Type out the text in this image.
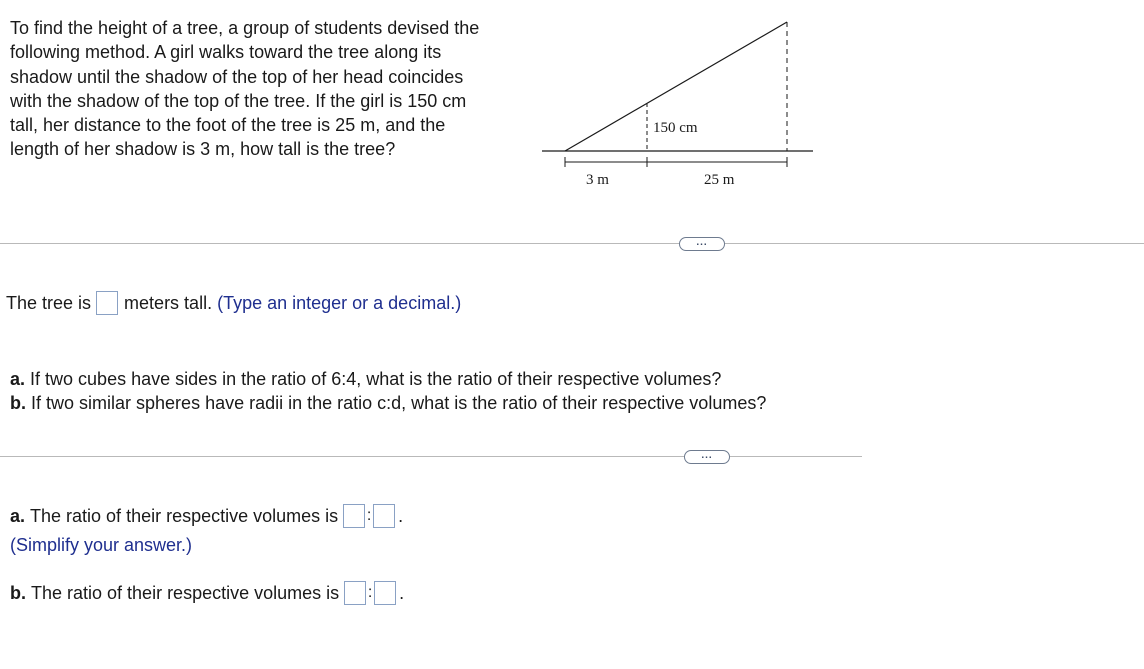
To find the height of a tree, a group of students devised the
following method. A girl walks toward the tree along its
shadow until the shadow of the top of her head coincides
with the shadow of the top of the tree. If the girl is 150 cm
tall, her distance to the foot of the tree is 25 m, and the
length of her shadow is 3 m, how tall is the tree?
150 cm
3 m	25 m
...
The tree is meters tall. (Type an integer or a decimal.)
a. If two cubes have sides in the ratio of 6:4, what is the ratio of their respective volumes?
b. If two similar spheres have radii in the ratio c:d, what is the ratio of their respective volumes?
...
a. The ratio of their respective volumes is : .
(Simplify your answer.)
b. The ratio of their respective volumes is : .
